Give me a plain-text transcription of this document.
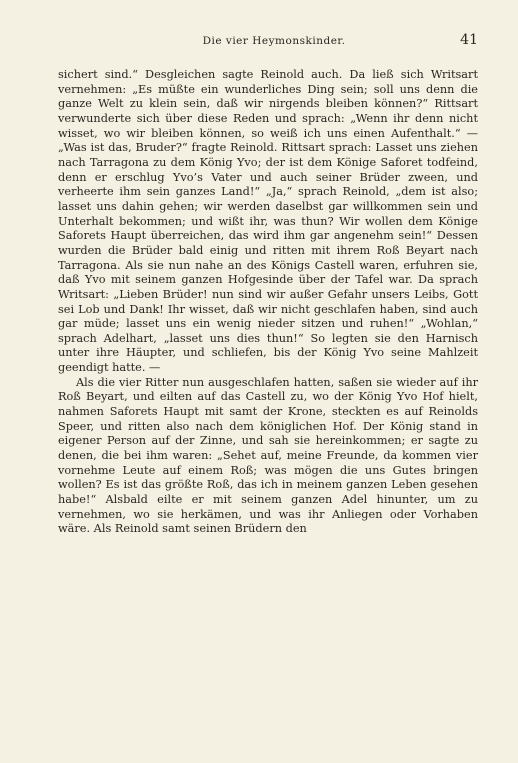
Die vier Heymonskinder.	41

sichert sind.“ Desgleichen sagte Reinold auch. Da ließ sich Writsart vernehmen: „Es müßte ein wunderliches Ding sein; soll uns denn die ganze Welt zu klein sein, daß wir nirgends bleiben können?“ Rittsart verwunderte sich über diese Reden und sprach: „Wenn ihr denn nicht wisset, wo wir bleiben können, so weiß ich uns einen Aufenthalt.“ — „Was ist das, Bruder?“ fragte Reinold. Rittsart sprach: Lasset uns ziehen nach Tarragona zu dem König Yvo; der ist dem Könige Saforet todfeind, denn er erschlug Yvo’s Vater und auch seiner Brüder zween, und verheerte ihm sein ganzes Land!“ „Ja,“ sprach Reinold, „dem ist also; lasset uns dahin gehen; wir werden daselbst gar willkommen sein und Unterhalt bekommen; und wißt ihr, was thun? Wir wollen dem Könige Saforets Haupt überreichen, das wird ihm gar angenehm sein!“ Dessen wurden die Brüder bald einig und ritten mit ihrem Roß Beyart nach Tarragona. Als sie nun nahe an des Königs Castell waren, erfuhren sie, daß Yvo mit seinem ganzen Hofgesinde über der Tafel war. Da sprach Writsart: „Lieben Brüder! nun sind wir außer Gefahr unsers Leibs, Gott sei Lob und Dank! Ihr wisset, daß wir nicht geschlafen haben, sind auch gar müde; lasset uns ein wenig nieder sitzen und ruhen!“ „Wohlan,“ sprach Adelhart, „lasset uns dies thun!“ So legten sie den Harnisch unter ihre Häupter, und schliefen, bis der König Yvo seine Mahlzeit geendigt hatte. —

Als die vier Ritter nun ausgeschlafen hatten, saßen sie wieder auf ihr Roß Beyart, und eilten auf das Castell zu, wo der König Yvo Hof hielt, nahmen Saforets Haupt mit samt der Krone, steckten es auf Reinolds Speer, und ritten also nach dem königlichen Hof. Der König stand in eigener Person auf der Zinne, und sah sie hereinkommen; er sagte zu denen, die bei ihm waren: „Sehet auf, meine Freunde, da kommen vier vornehme Leute auf einem Roß; was mögen die uns Gutes bringen wollen? Es ist das größte Roß, das ich in meinem ganzen Leben gesehen habe!“ Alsbald eilte er mit seinem ganzen Adel hinunter, um zu vernehmen, wo sie herkämen, und was ihr Anliegen oder Vorhaben wäre. Als Reinold samt seinen Brüdern den
